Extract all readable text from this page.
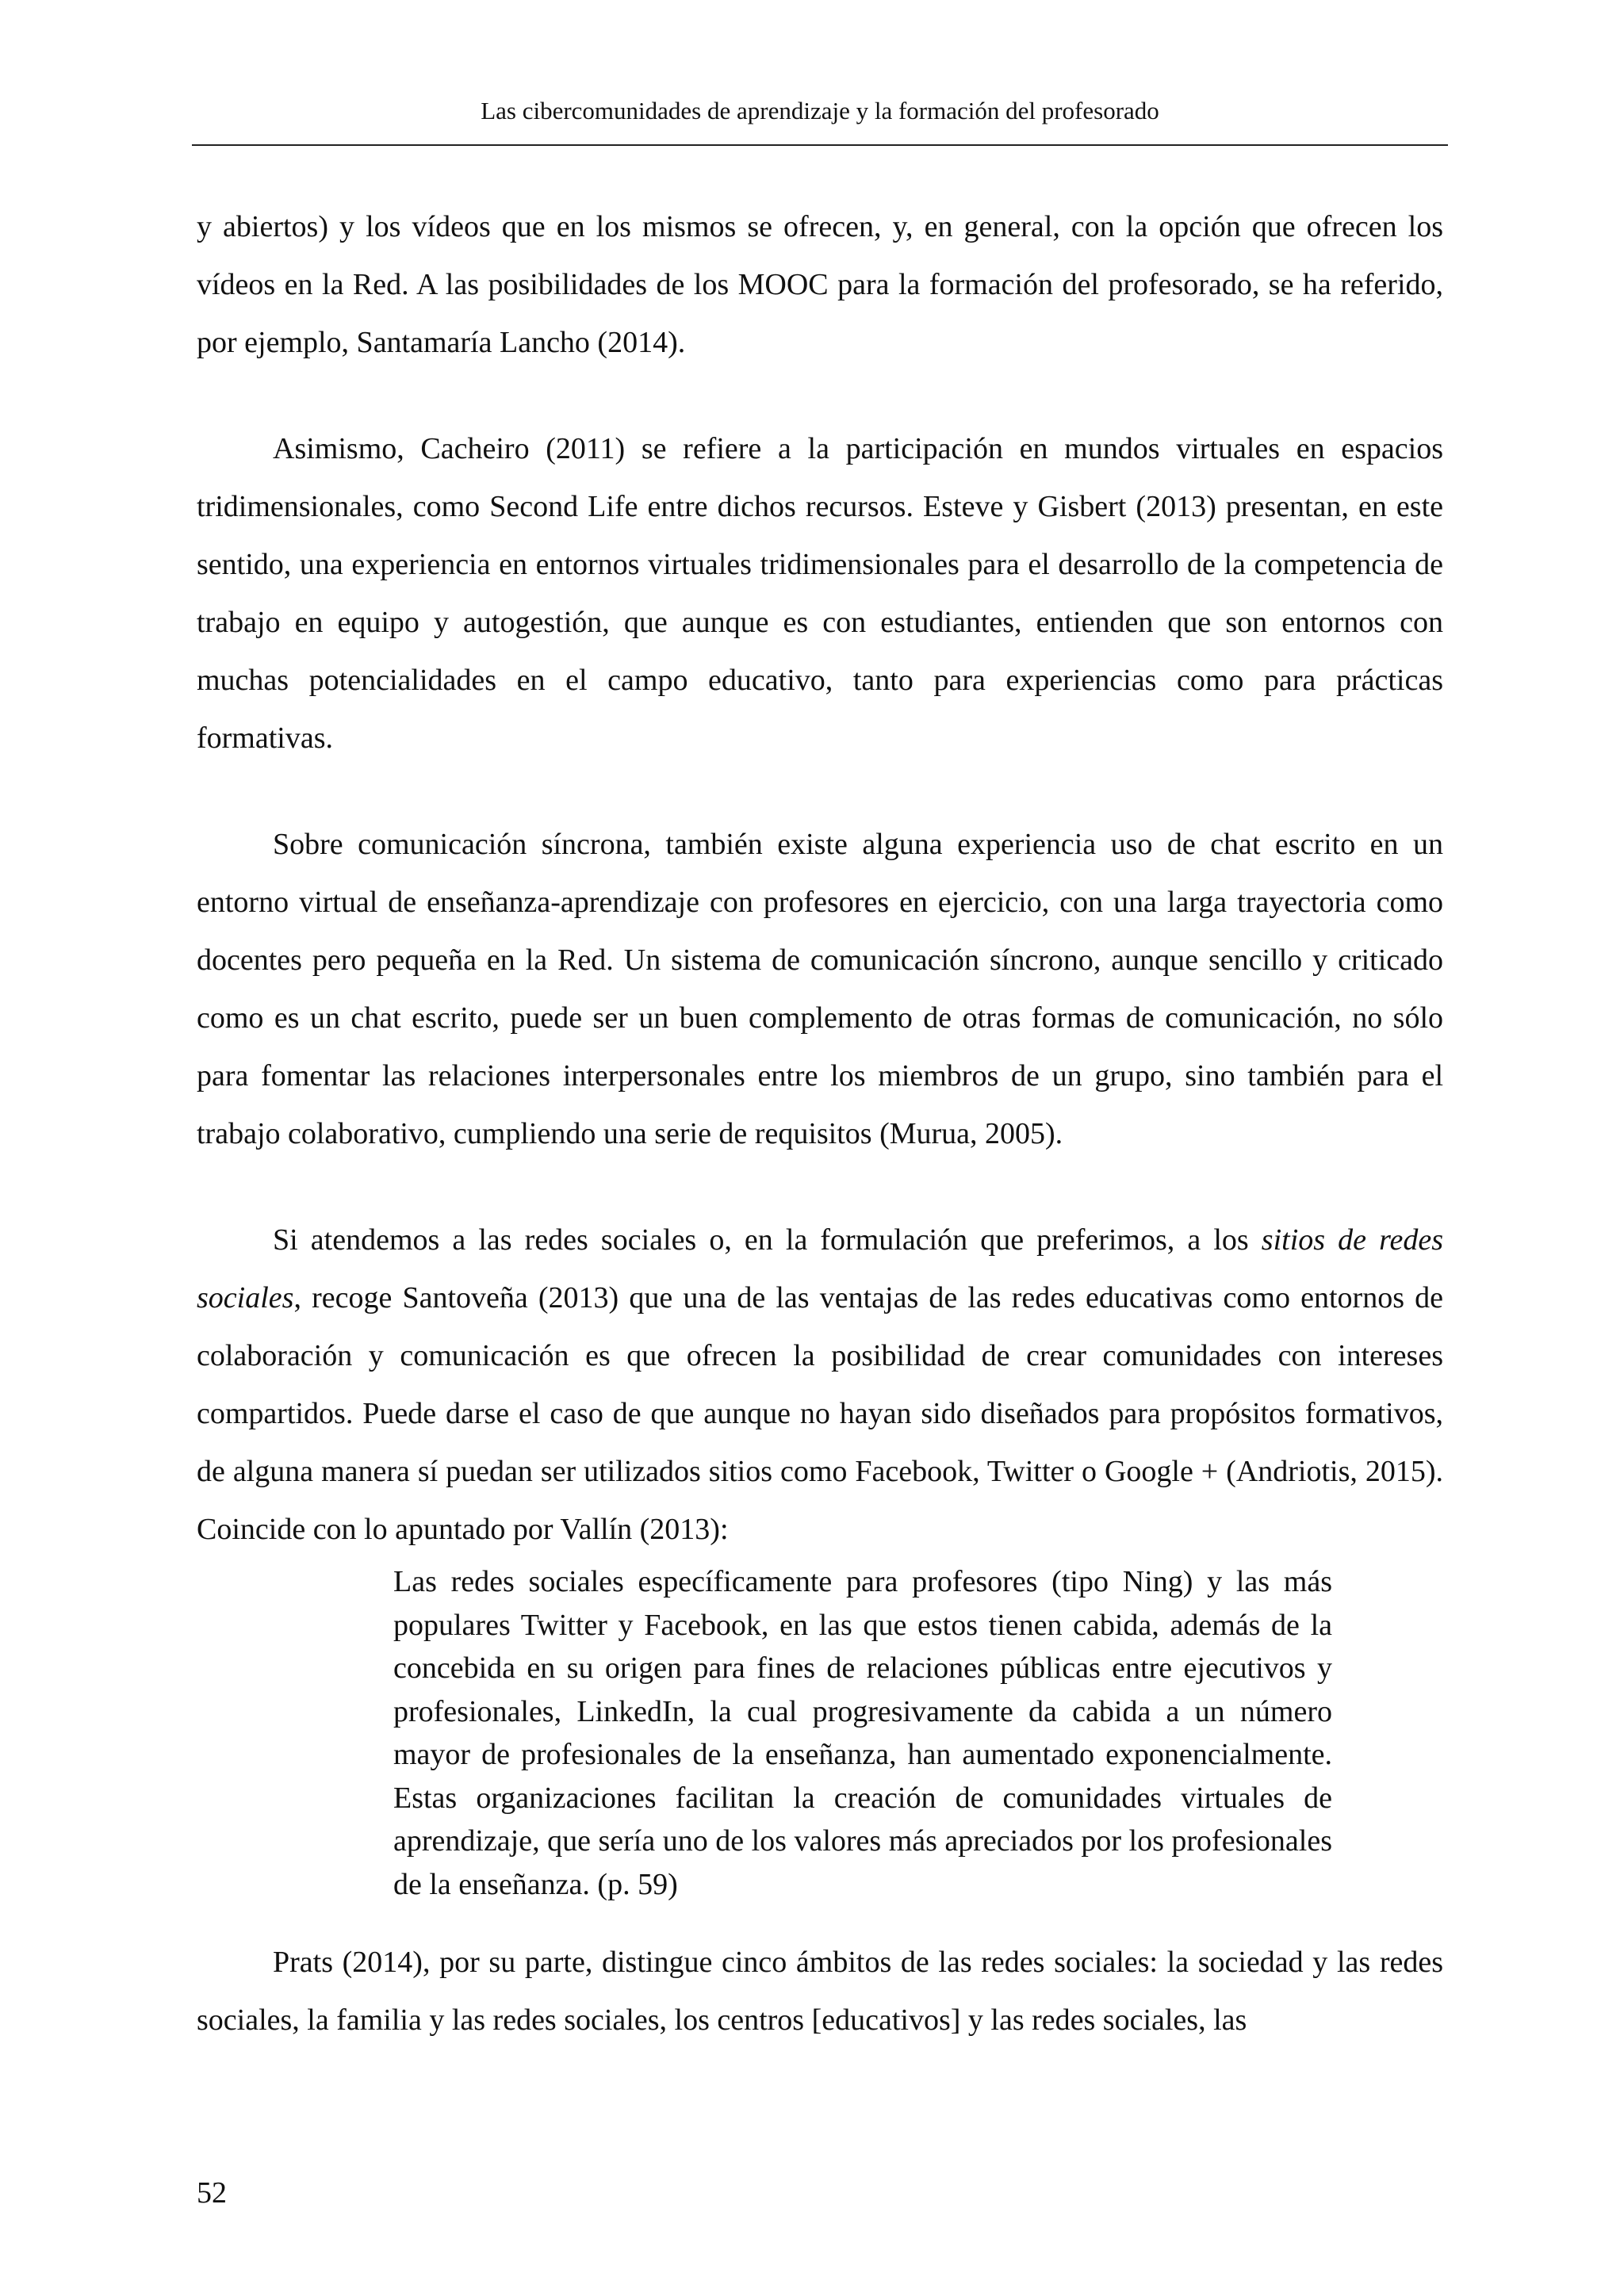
Las cibercomunidades de aprendizaje y la formación del profesorado

y abiertos) y los vídeos que en los mismos se ofrecen, y, en general, con la opción que ofrecen los vídeos en la Red. A las posibilidades de los MOOC para la formación del profesorado, se ha referido, por ejemplo, Santamaría Lancho (2014).

Asimismo, Cacheiro (2011) se refiere a la participación en mundos virtuales en espacios tridimensionales, como Second Life entre dichos recursos. Esteve y Gisbert (2013) presentan, en este sentido, una experiencia en entornos virtuales tridimensionales para el desarrollo de la competencia de trabajo en equipo y autogestión, que aunque es con estudiantes, entienden que son entornos con muchas potencialidades en el campo educativo, tanto para experiencias como para prácticas formativas.

Sobre comunicación síncrona, también existe alguna experiencia uso de chat escrito en un entorno virtual de enseñanza-aprendizaje con profesores en ejercicio, con una larga trayectoria como docentes pero pequeña en la Red. Un sistema de comunicación síncrono, aunque sencillo y criticado como es un chat escrito, puede ser un buen complemento de otras formas de comunicación, no sólo para fomentar las relaciones interpersonales entre los miembros de un grupo, sino también para el trabajo colaborativo, cumpliendo una serie de requisitos (Murua, 2005).

Si atendemos a las redes sociales o, en la formulación que preferimos, a los sitios de redes sociales, recoge Santoveña (2013) que una de las ventajas de las redes educativas como entornos de colaboración y comunicación es que ofrecen la posibilidad de crear comunidades con intereses compartidos. Puede darse el caso de que aunque no hayan sido diseñados para propósitos formativos, de alguna manera sí puedan ser utilizados sitios como Facebook, Twitter o Google + (Andriotis, 2015). Coincide con lo apuntado por Vallín (2013):

Las redes sociales específicamente para profesores (tipo Ning) y las más populares Twitter y Facebook, en las que estos tienen cabida, además de la concebida en su origen para fines de relaciones públicas entre ejecutivos y profesionales, LinkedIn, la cual progresivamente da cabida a un número mayor de profesionales de la enseñanza, han aumentado exponencialmente. Estas organizaciones facilitan la creación de comunidades virtuales de aprendizaje, que sería uno de los valores más apreciados por los profesionales de la enseñanza. (p. 59)

Prats (2014), por su parte, distingue cinco ámbitos de las redes sociales: la sociedad y las redes sociales, la familia y las redes sociales, los centros [educativos] y las redes sociales, las

52
